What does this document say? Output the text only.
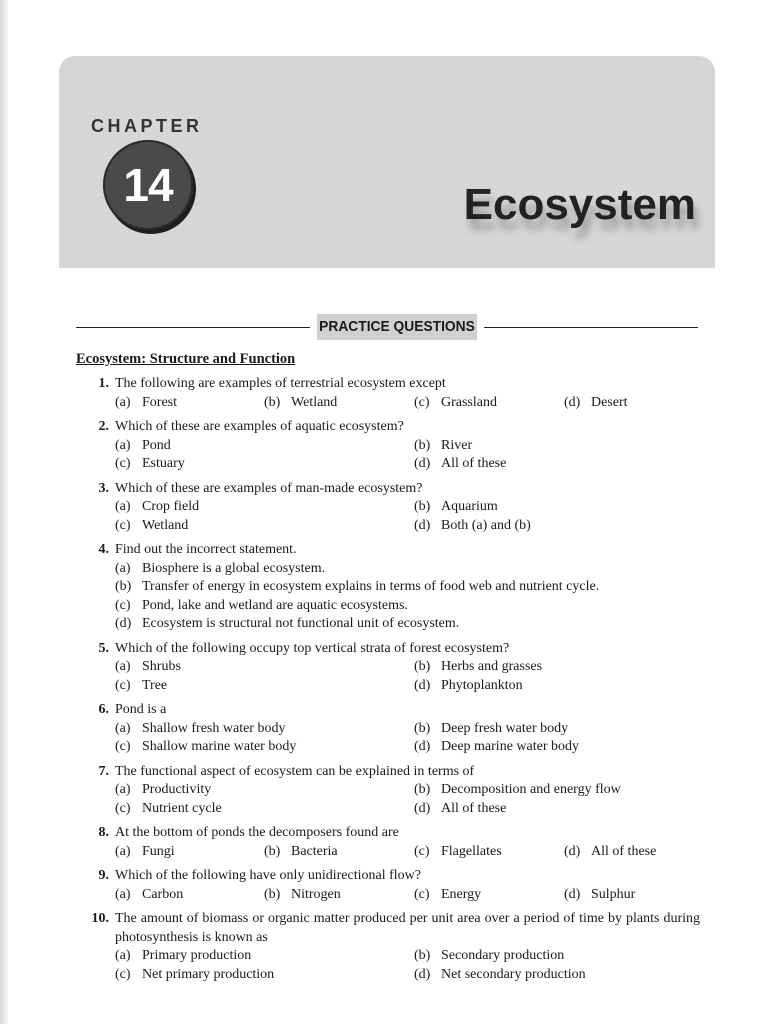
CHAPTER
14	Ecosystem
PRACTICE QUESTIONS
Ecosystem: Structure and Function
1. The following are examples of terrestrial ecosystem except
(a) Forest	(b) Wetland	(c) Grassland	(d) Desert
2. Which of these are examples of aquatic ecosystem?
(a) Pond	(b) River
(c) Estuary	(d) All of these
3. Which of these are examples of man-made ecosystem?
(a) Crop field	(b) Aquarium
(c) Wetland	(d) Both (a) and (b)
4. Find out the incorrect statement.
(a) Biosphere is a global ecosystem.
(b) Transfer of energy in ecosystem explains in terms of food web and nutrient cycle.
(c) Pond, lake and wetland are aquatic ecosystems.
(d) Ecosystem is structural not functional unit of ecosystem.
5. Which of the following occupy top vertical strata of forest ecosystem?
(a) Shrubs	(b) Herbs and grasses
(c) Tree	(d) Phytoplankton
6. Pond is a
(a) Shallow fresh water body	(b) Deep fresh water body
(c) Shallow marine water body	(d) Deep marine water body
7. The functional aspect of ecosystem can be explained in terms of
(a) Productivity	(b) Decomposition and energy flow
(c) Nutrient cycle	(d) All of these
8. At the bottom of ponds the decomposers found are
(a) Fungi	(b) Bacteria	(c) Flagellates	(d) All of these
9. Which of the following have only unidirectional flow?
(a) Carbon	(b) Nitrogen	(c) Energy	(d) Sulphur
10. The amount of biomass or organic matter produced per unit area over a period of time by plants during photosynthesis is known as
(a) Primary production	(b) Secondary production
(c) Net primary production	(d) Net secondary production
